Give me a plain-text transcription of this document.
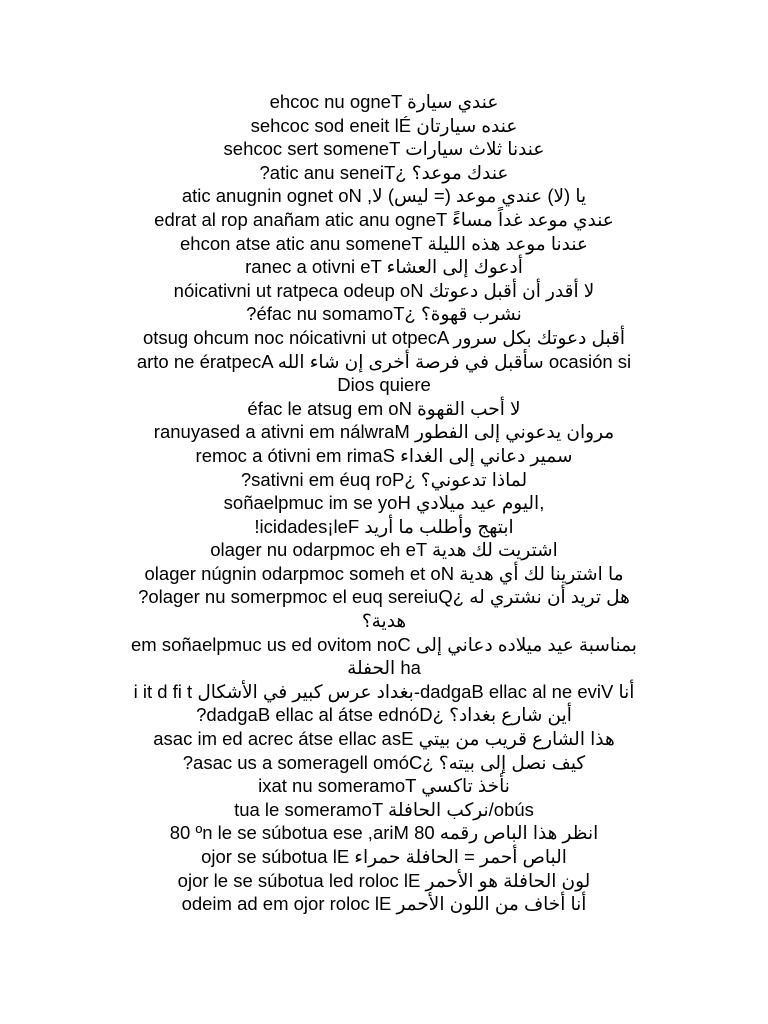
ehcoc nu ogneT عندي سيارة
sehcoc sod eneit lÉ عنده سيارتان
sehcoc sert someneT عندنا ثلاث سيارات
?atic anu seneiT¿ عندك موعد؟
يا (لا) عندي موعد (= ليس) لا, atic anugnin ognet oN
edrat al rop anañam atic anu ogneT عندي موعد غداً مساءً
ehcon atse atic anu someneT عندنا موعد هذه الليلة
ranec a otivni eT أدعوك إلى العشاء
nóicativni ut ratpeca odeup oN لا أقدر أن أقبل دعوتك
?éfac nu somamoT¿ نشرب قهوة؟
otsug ohcum noc nóicativni ut otpecA أقبل دعوتك بكل سرور
arto ne ératpecA سأقبل في فرصة أخرى إن شاء الله ocasión si Dios quiere
éfac le atsug em oN لا أحب القهوة
ranuyased a ativni em nálwraM مروان يدعوني إلى الفطور
remoc a ótivni em rimaS سمير دعاني إلى الغداء
?sativni em éuq roP¿ لماذا تدعوني؟
soñaelpmuc im se yoH اليوم عيد ميلادي,
!icidades¡leF ابتهج وأطلب ما أريد
olager nu odarpmoc eh eT اشتريت لك هدية
olager núgnin odarpmoc someh et oN ما اشترينا لك أي هدية
?olager nu somerpmoc el euq sereiuQ¿ هل تريد أن نشتري له هدية؟
em soñaelpmuc us ed ovitom noC بمناسبة عيد ميلاده دعاني إلى الحفلة ha
i it d fi t بغداد عرس كبير في الأشكال-dadgaB ellac al ne eviV أنا
?dadgaB ellac al átse ednóD¿ أين شارع بغداد؟
asac im ed acrec átse ellac asE هذا الشارع قريب من بيتي
?asac us a someragell omóC¿ كيف نصل إلى بيته؟
ixat nu someramoT نأخذ تاكسي
tua le someramoT نركب الحافلة/obús
80 ºn le se súbotua ese ,ariM انظر هذا الباص رقمه 80
ojor se súbotua lE الباص أحمر = الحافلة حمراء
ojor le se súbotua led roloc lE لون الحافلة هو الأحمر
odeim ad em ojor roloc lE أنا أخاف من اللون الأحمر
